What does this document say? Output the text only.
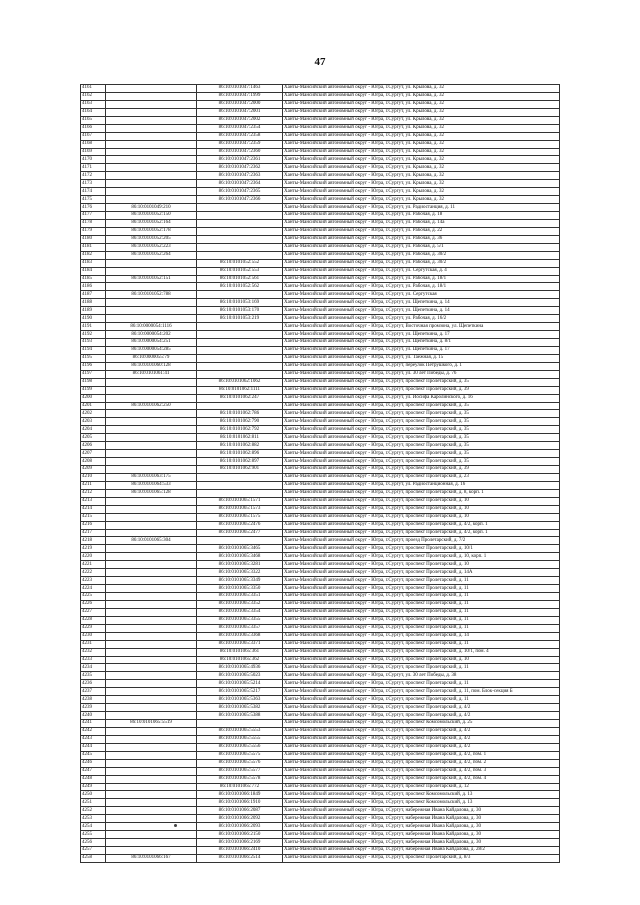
47
4161		86:10:0101047:1463	Ханты-Мансийский автономный округ - Югра, г.Сургут, ул. Крылова, д. 32
4162		86:10:0101047:1999	Ханты-Мансийский автономный округ - Югра, г.Сургут, ул. Крылова, д. 32
4163		86:10:0101047:2000	Ханты-Мансийский автономный округ - Югра, г.Сургут, ул. Крылова, д. 32
4164		86:10:0101047:2001	Ханты-Мансийский автономный округ - Югра, г.Сургут, ул. Крылова, д. 32
4165		86:10:0101047:2002	Ханты-Мансийский автономный округ - Югра, г.Сургут, ул. Крылова, д. 32
4166		86:10:0101047:2354	Ханты-Мансийский автономный округ - Югра, г.Сургут, ул. Крылова, д. 32
4167		86:10:0101047:2358	Ханты-Мансийский автономный округ - Югра, г.Сургут, ул. Крылова, д. 32
4168		86:10:0101047:2359	Ханты-Мансийский автономный округ - Югра, г.Сургут, ул. Крылова, д. 32
4169		86:10:0101047:2360	Ханты-Мансийский автономный округ - Югра, г.Сургут, ул. Крылова, д. 32
4170		86:10:0101047:2361	Ханты-Мансийский автономный округ - Югра, г.Сургут, ул. Крылова, д. 32
4171		86:10:0101047:2362	Ханты-Мансийский автономный округ - Югра, г.Сургут, ул. Крылова, д. 32
4172		86:10:0101047:2363	Ханты-Мансийский автономный округ - Югра, г.Сургут, ул. Крылова, д. 32
4173		86:10:0101047:2364	Ханты-Мансийский автономный округ - Югра, г.Сургут, ул. Крылова, д. 32
4174		86:10:0101047:2365	Ханты-Мансийский автономный округ - Югра, г.Сургут, ул. Крылова, д. 32
4175		86:10:0101047:2366	Ханты-Мансийский автономный округ - Югра, г.Сургут, ул. Крылова, д. 32
4176	86:10:0101049:210		Ханты-Мансийский автономный округ - Югра, г.Сургут, ул. Радиостанция, д. 11
4177	86:10:0101052:150		Ханты-Мансийский автономный округ - Югра, г.Сургут, ул. Рабочая, д. 18
4178	86:10:0101052:164		Ханты-Мансийский автономный округ - Югра, г.Сургут, ул. Рабочая, д. 14а
4179	86:10:0101052:178		Ханты-Мансийский автономный округ - Югра, г.Сургут, ул. Рабочая, д. 22
4180	86:10:0101052:205		Ханты-Мансийский автономный округ - Югра, г.Сургут, ул. Рабочая, д. 36
4181	86:10:0101052:223		Ханты-Мансийский автономный округ - Югра, г.Сургут, ул. Рабочая, д. 5/1
4182	86:10:0101052:264		Ханты-Мансийский автономный округ - Югра, г.Сургут, ул. Рабочая, д. 30/2
4183		86:10:0101052:552	Ханты-Мансийский автономный округ - Югра, г.Сургут, ул. Рабочая, д. 30/2
4184		86:10:0101052:553	Ханты-Мансийский автономный округ - Югра, г.Сургут, ул. Сергутская, д. 4
4185	86:10:0101052:151	86:10:0101052:561	Ханты-Мансийский автономный округ - Югра, г.Сургут, ул. Рабочая, д. 18/1
4186		86:10:0101052:562	Ханты-Мансийский автономный округ - Югра, г.Сургут, ул. Рабочая, д. 18/1
4187	86:10:0101052:788		Ханты-Мансийский автономный округ - Югра, г.Сургут, ул. Сергутская
4188		86:10:0101053:169	Ханты-Мансийский автономный округ - Югра, г.Сургут, ул. Щепеткина, д. 14
4189		86:10:0101053:170	Ханты-Мансийский автономный округ - Югра, г.Сургут, ул. Щепеткина, д. 14
4190		86:10:0101053:219	Ханты-Мансийский автономный округ - Югра, г.Сургут, ул. Рабочая, д. 16/2
4191	86:10:0000054:1116		Ханты-Мансийский автономный округ - Югра, г.Сургут, Восточная промзона, ул. Щепеткина
4192	86:10:0000054:202		Ханты-Мансийский автономный округ - Югра, г.Сургут, ул. Щепеткина, д. 17
4193	86:10:0000054:251		Ханты-Мансийский автономный округ - Югра, г.Сургут, ул. Щепеткина, д. 8/1
4194	86:10:0000054:285		Ханты-Мансийский автономный округ - Югра, г.Сургут, ул. Щепеткина, д. 17
4195	86:10:0000055:79		Ханты-Мансийский автономный округ - Югра, г.Сургут, ул. Таежная, д. 15
4196	86:10:0101060:128		Ханты-Мансийский автономный округ - Югра, г.Сургут, переулок Петрушкого, д. 1
4197	86:10:0101061:41		Ханты-Мансийский автономный округ - Югра, г.Сургут, ул. 30 лет Победы, д. 76
4198		86:10:0101062:1062	Ханты-Мансийский автономный округ - Югра, г.Сургут, проспект Пролетарский, д. 35
4199		86:10:0101062:1111	Ханты-Мансийский автономный округ - Югра, г.Сургут, проспект Пролетарский, д. 39
4200		86:10:0101062:247	Ханты-Мансийский автономный округ - Югра, г.Сургут, ул. Иосифа Каролинского, д. 16
4201	86:10:0101062:250		Ханты-Мансийский автономный округ - Югра, г.Сургут, проспект Пролетарский, д. 35
4202		86:10:0101062:786	Ханты-Мансийский автономный округ - Югра, г.Сургут, проспект Пролетарский, д. 35
4203		86:10:0101062:790	Ханты-Мансийский автономный округ - Югра, г.Сургут, проспект Пролетарский, д. 35
4204		86:10:0101062:792	Ханты-Мансийский автономный округ - Югра, г.Сургут, проспект Пролетарский, д. 35
4205		86:10:0101062:811	Ханты-Мансийский автономный округ - Югра, г.Сургут, проспект Пролетарский, д. 35
4206		86:10:0101062:882	Ханты-Мансийский автономный округ - Югра, г.Сургут, проспект Пролетарский, д. 35
4207		86:10:0101062:896	Ханты-Мансийский автономный округ - Югра, г.Сургут, проспект Пролетарский, д. 35
4208		86:10:0101062:897	Ханты-Мансийский автономный округ - Югра, г.Сургут, проспект Пролетарский, д. 35
4209		86:10:0101062:901	Ханты-Мансийский автономный округ - Югра, г.Сургут, проспект Пролетарский, д. 39
4210	86:10:0101063:175		Ханты-Мансийский автономный округ - Югра, г.Сургут, проспект Пролетарский, д. 23
4211	86:10:0101064:533		Ханты-Мансийский автономный округ - Югра, г.Сургут, ул. Радиостанционная, д. 16
4212	86:10:0101065:128		Ханты-Мансийский автономный округ - Югра, г.Сургут, проспект Пролетарский, д. 8, корп. 1
4213		86:10:0101065:1571	Ханты-Мансийский автономный округ - Югра, г.Сургут, проспект Пролетарский, д. 10
4214		86:10:0101065:1573	Ханты-Мансийский автономный округ - Югра, г.Сургут, проспект Пролетарский, д. 10
4215		86:10:0101065:1575	Ханты-Мансийский автономный округ - Югра, г.Сургут, проспект Пролетарский, д. 10
4216		86:10:0101065:2476	Ханты-Мансийский автономный округ - Югра, г.Сургут, проспект Пролетарский, д. 4/2, корп. 1
4217		86:10:0101065:2477	Ханты-Мансийский автономный округ - Югра, г.Сургут, проспект Пролетарский, д. 4/2, корп. 1
4218	86:10:0101065:304		Ханты-Мансийский автономный округ - Югра, г.Сургут, проезд Пролетарский, д. 7/2
4219		86:10:0101065:3465	Ханты-Мансийский автономный округ - Югра, г.Сургут, проспект Пролетарский, д. 10/1
4220		86:10:0101065:3468	Ханты-Мансийский автономный округ - Югра, г.Сургут, проспект Пролетарский, д. 10, корп. 1
4221		86:10:0101065:3281	Ханты-Мансийский автономный округ - Югра, г.Сургут, проспект Пролетарский, д. 10
4222		86:10:0101065:3322	Ханты-Мансийский автономный округ - Югра, г.Сургут, проспект Пролетарский, д. 14А
4223		86:10:0101065:3349	Ханты-Мансийский автономный округ - Югра, г.Сургут, проспект Пролетарский, д. 11
4224		86:10:0101065:3350	Ханты-Мансийский автономный округ - Югра, г.Сургут, проспект Пролетарский, д. 11
4225		86:10:0101065:3351	Ханты-Мансийский автономный округ - Югра, г.Сургут, проспект Пролетарский, д. 11
4226		86:10:0101065:3352	Ханты-Мансийский автономный округ - Югра, г.Сургут, проспект Пролетарский, д. 11
4227		86:10:0101065:3354	Ханты-Мансийский автономный округ - Югра, г.Сургут, проспект Пролетарский, д. 11
4228		86:10:0101065:3355	Ханты-Мансийский автономный округ - Югра, г.Сургут, проспект Пролетарский, д. 11
4229		86:10:0101065:3357	Ханты-Мансийский автономный округ - Югра, г.Сургут, проспект Пролетарский, д. 11
4230		86:10:0101065:3368	Ханты-Мансийский автономный округ - Югра, г.Сургут, проспект Пролетарский, д. 14
4231		86:10:0101065:3371	Ханты-Мансийский автономный округ - Югра, г.Сургут, проспект Пролетарский, д. 11
4232		86:10:0101065:361	Ханты-Мансийский автономный округ - Югра, г.Сургут, проспект Пролетарский, д. 10/1, пом. 4
4233		86:10:0101065:362	Ханты-Мансийский автономный округ - Югра, г.Сургут, проспект Пролетарский, д. 10
4234		86:10:0101065:4936	Ханты-Мансийский автономный округ - Югра, г.Сургут, проспект Пролетарский, д. 11
4235		86:10:0101065:5023	Ханты-Мансийский автономный округ - Югра, г.Сургут, ул. 30 лет Победы, д. 38
4236		86:10:0101065:5214	Ханты-Мансийский автономный округ - Югра, г.Сургут, проспект Пролетарский, д. 11
4237		86:10:0101065:5217	Ханты-Мансийский автономный округ - Югра, г.Сургут, проспект Пролетарский, д. 11, пом. Блок-секция Б
4238		86:10:0101065:5363	Ханты-Мансийский автономный округ - Югра, г.Сургут, проспект Пролетарский, д. 11
4239		86:10:0101065:5382	Ханты-Мансийский автономный округ - Югра, г.Сургут, проспект Пролетарский, д. 4/2
4240		86:10:0101065:5388	Ханты-Мансийский автономный округ - Югра, г.Сургут, проспект Пролетарский, д. 4/2
4241	86:10:0101065:5519		Ханты-Мансийский автономный округ - Югра, г.Сургут, проспект Комсомольский, д. 25
4242		86:10:0101065:5553	Ханты-Мансийский автономный округ - Югра, г.Сургут, проспект Пролетарский, д. 4/2
4243		86:10:0101065:5555	Ханты-Мансийский автономный округ - Югра, г.Сургут, проспект Пролетарский, д. 4/2
4244		86:10:0101065:5556	Ханты-Мансийский автономный округ - Югра, г.Сургут, проспект Пролетарский, д. 4/2
4245		86:10:0101065:5575	Ханты-Мансийский автономный округ - Югра, г.Сургут, проспект Пролетарский, д. 4/2, пом. 1
4246		86:10:0101065:5576	Ханты-Мансийский автономный округ - Югра, г.Сургут, проспект Пролетарский, д. 4/2, пом. 2
4247		86:10:0101065:5577	Ханты-Мансийский автономный округ - Югра, г.Сургут, проспект Пролетарский, д. 4/2, пом. 3
4248		86:10:0101065:5578	Ханты-Мансийский автономный округ - Югра, г.Сургут, проспект Пролетарский, д. 4/2, пом. 4
4249		86:10:0101065:772	Ханты-Мансийский автономный округ - Югра, г.Сургут, проспект Пролетарский, д. 12
4250		86:10:0101066:1849	Ханты-Мансийский автономный округ - Югра, г.Сургут, проспект Комсомольский, д. 13
4251		86:10:0101066:1910	Ханты-Мансийский автономный округ - Югра, г.Сургут, проспект Комсомольский, д. 13
4252		86:10:0101066:2087	Ханты-Мансийский автономный округ - Югра, г.Сургут, набережная Ивана Кайдалова, д. 30
4253		86:10:0101066:2092	Ханты-Мансийский автономный округ - Югра, г.Сургут, набережная Ивана Кайдалова, д. 30
4254		86:10:0101066:2093	Ханты-Мансийский автономный округ - Югра, г.Сургут, набережная Ивана Кайдалова, д. 30
4255		86:10:0101066:2150	Ханты-Мансийский автономный округ - Югра, г.Сургут, набережная Ивана Кайдалова, д. 30
4256		86:10:0101066:2169	Ханты-Мансийский автономный округ - Югра, г.Сургут, набережная Ивана Кайдалова, д. 30
4257		86:10:0101066:2410	Ханты-Мансийский автономный округ - Югра, г.Сургут, набережная Ивана Кайдалова, д. 28/2
4258	86:10:0101066:167	86:10:0101066:2514	Ханты-Мансийский автономный округ - Югра, г.Сургут, проспект Пролетарский, д. 8/3
